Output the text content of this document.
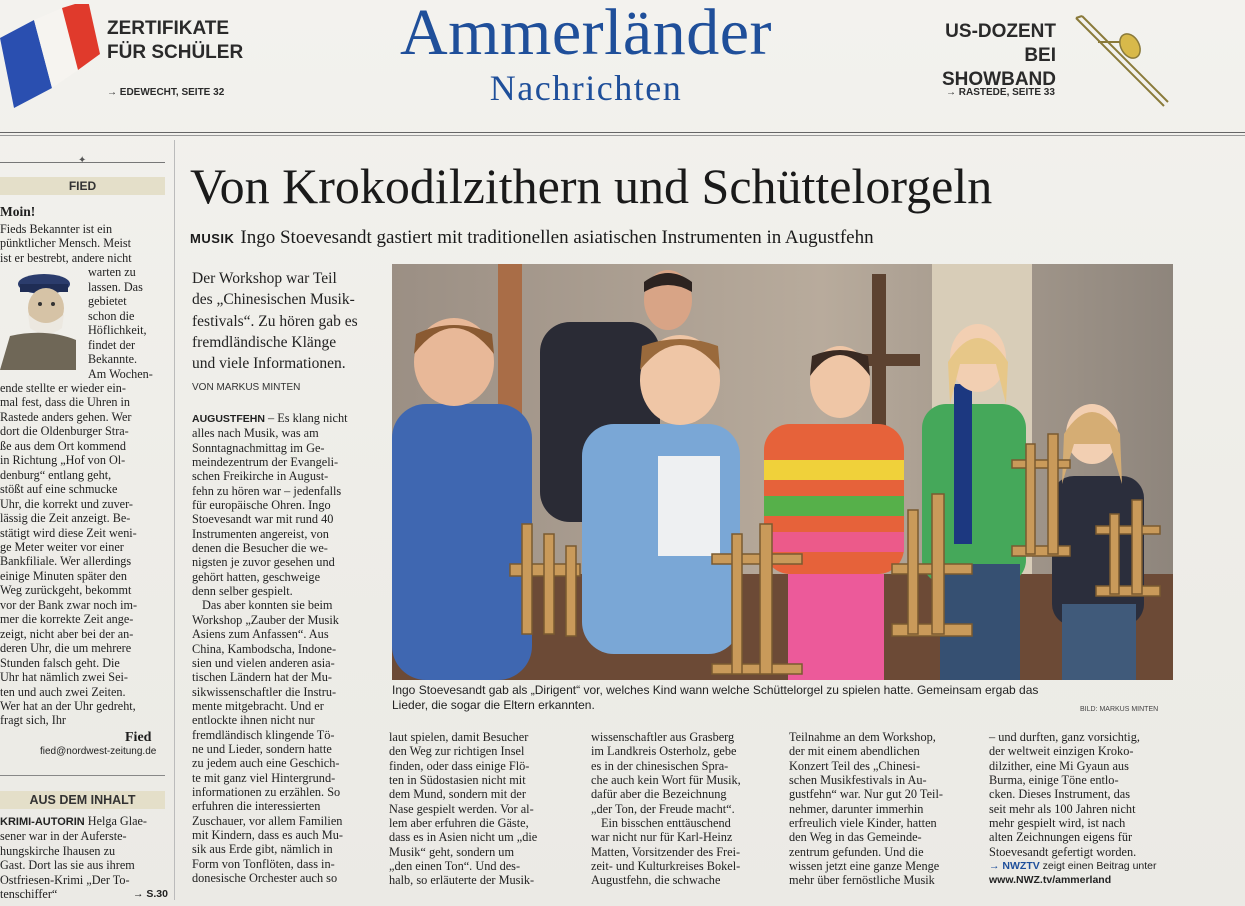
ZERTIFIKATE
FÜR SCHÜLER
→ EDEWECHT, SEITE 32
Ammerländer
Nachrichten
US-DOZENT BEI
SHOWBAND
→ RASTEDE, SEITE 33
✦
FIED
Moin!
Fieds Bekannter ist ein
pünktlicher Mensch. Meist
ist er bestrebt, andere nicht
warten zu
lassen. Das
gebietet
schon die
Höflichkeit,
findet der
Bekannte.
Am Wochen-
ende stellte er wieder ein-
mal fest, dass die Uhren in
Rastede anders gehen. Wer
dort die Oldenburger Stra-
ße aus dem Ort kommend
in Richtung „Hof von Ol-
denburg“ entlang geht,
stößt auf eine schmucke
Uhr, die korrekt und zuver-
lässig die Zeit anzeigt. Be-
stätigt wird diese Zeit weni-
ge Meter weiter vor einer
Bankfiliale. Wer allerdings
einige Minuten später den
Weg zurückgeht, bekommt
vor der Bank zwar noch im-
mer die korrekte Zeit ange-
zeigt, nicht aber bei der an-
deren Uhr, die um mehrere
Stunden falsch geht. Die
Uhr hat nämlich zwei Sei-
ten und auch zwei Zeiten.
Wer hat an der Uhr gedreht,
fragt sich, Ihr
Fied
fied@nordwest-zeitung.de
AUS DEM INHALT
KRIMI-AUTORIN Helga Glae-
sener war in der Auferste-
hungskirche Ihausen zu
Gast. Dort las sie aus ihrem
Ostfriesen-Krimi „Der To-
tenschiffer“	→ S.30
Von Krokodilzithern und Schüttelorgeln
MUSIK Ingo Stoevesandt gastiert mit traditionellen asiatischen Instrumenten in Augustfehn
Der Workshop war Teil
des „Chinesischen Musik-
festivals“. Zu hören gab es
fremdländische Klänge
und viele Informationen.
VON MARKUS MINTEN
AUGUSTFEHN – Es klang nicht
alles nach Musik, was am
Sonntagnachmittag im Ge-
meindezentrum der Evangeli-
schen Freikirche in August-
fehn zu hören war – jedenfalls
für europäische Ohren. Ingo
Stoevesandt war mit rund 40
Instrumenten angereist, von
denen die Besucher die we-
nigsten je zuvor gesehen und
gehört hatten, geschweige
denn selber gespielt.
Das aber konnten sie beim
Workshop „Zauber der Musik
Asiens zum Anfassen“. Aus
China, Kambodscha, Indone-
sien und vielen anderen asia-
tischen Ländern hat der Mu-
sikwissenschaftler die Instru-
mente mitgebracht. Und er
entlockte ihnen nicht nur
fremdländisch klingende Tö-
ne und Lieder, sondern hatte
zu jedem auch eine Geschich-
te mit ganz viel Hintergrund-
informationen zu erzählen. So
erfuhren die interessierten
Zuschauer, vor allem Familien
mit Kindern, dass es auch Mu-
sik aus Erde gibt, nämlich in
Form von Tonflöten, dass in-
donesische Orchester auch so
Ingo Stoevesandt gab als „Dirigent“ vor, welches Kind wann welche Schüttelorgel zu spielen hatte. Gemeinsam ergab das
Lieder, die sogar die Eltern erkannten.	BILD: MARKUS MINTEN
laut spielen, damit Besucher
den Weg zur richtigen Insel
finden, oder dass einige Flö-
ten in Südostasien nicht mit
dem Mund, sondern mit der
Nase gespielt werden. Vor al-
lem aber erfuhren die Gäste,
dass es in Asien nicht um „die
Musik“ geht, sondern um
„den einen Ton“. Und des-
halb, so erläuterte der Musik-
wissenschaftler aus Grasberg
im Landkreis Osterholz, gebe
es in der chinesischen Spra-
che auch kein Wort für Musik,
dafür aber die Bezeichnung
„der Ton, der Freude macht“.
Ein bisschen enttäuschend
war nicht nur für Karl-Heinz
Matten, Vorsitzender des Frei-
zeit- und Kulturkreises Bokel-
Augustfehn, die schwache
Teilnahme an dem Workshop,
der mit einem abendlichen
Konzert Teil des „Chinesi-
schen Musikfestivals in Au-
gustfehn“ war. Nur gut 20 Teil-
nehmer, darunter immerhin
erfreulich viele Kinder, hatten
den Weg in das Gemeinde-
zentrum gefunden. Und die
wissen jetzt eine ganze Menge
mehr über fernöstliche Musik
– und durften, ganz vorsichtig,
der weltweit einzigen Kroko-
dilzither, eine Mi Gyaun aus
Burma, einige Töne entlo-
cken. Dieses Instrument, das
seit mehr als 100 Jahren nicht
mehr gespielt wird, ist nach
alten Zeichnungen eigens für
Stoevesandt gefertigt worden.
→ NWZTV zeigt einen Beitrag unter
www.NWZ.tv/ammerland
